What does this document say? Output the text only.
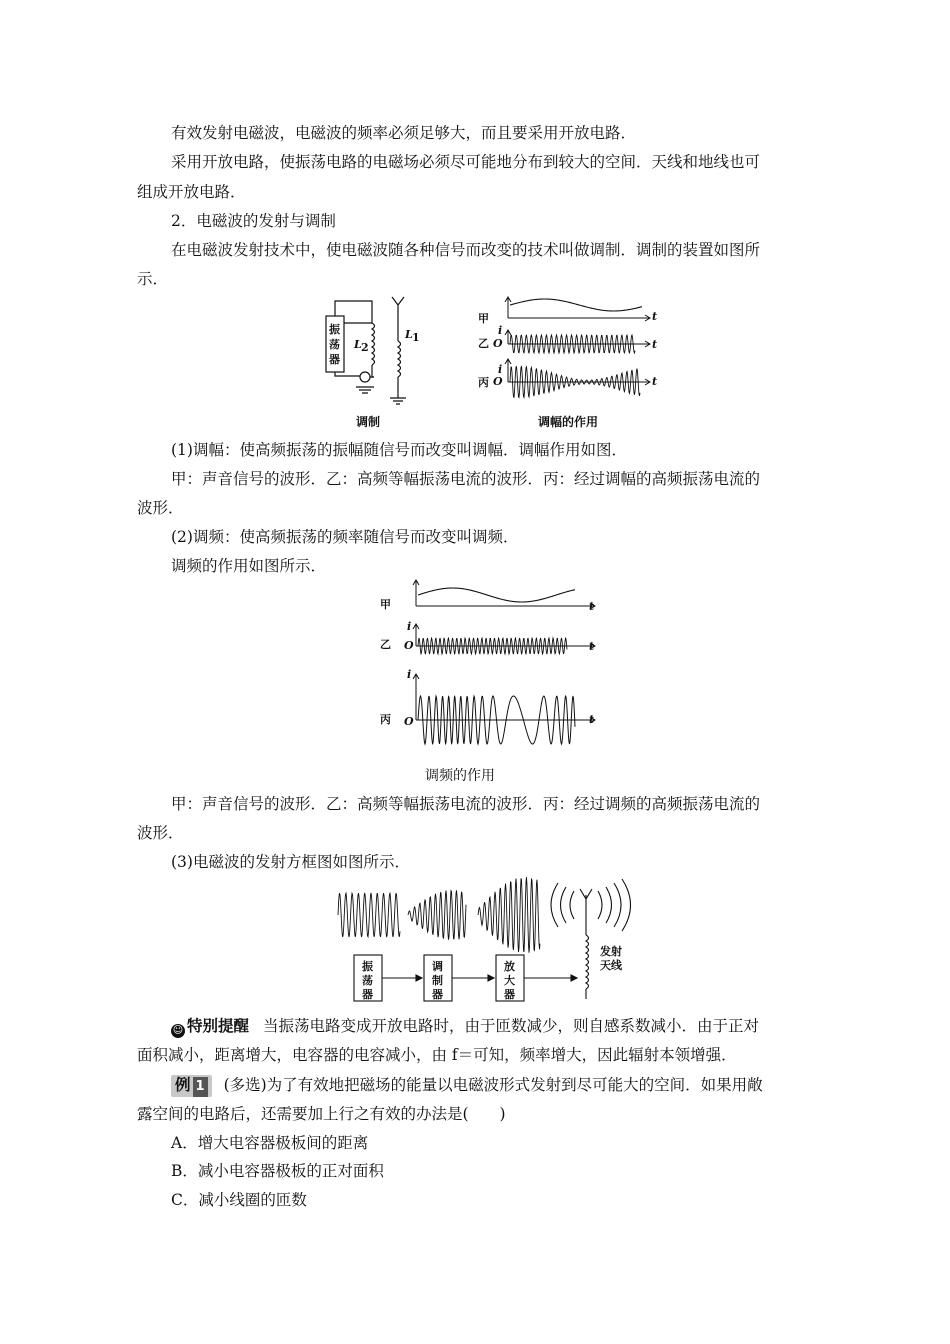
有效发射电磁波，电磁波的频率必须足够大，而且要采用开放电路．
采用开放电路，使振荡电路的电磁场必须尽可能地分布到较大的空间．天线和地线也可
组成开放电路．
2．电磁波的发射与调制
在电磁波发射技术中，使电磁波随各种信号而改变的技术叫做调制．调制的装置如图所
示．
振
荡
器
L 2
L 1
甲
乙
丙
i
O
i
O
t
t
t
调制	调幅的作用
(1)调幅：使高频振荡的振幅随信号而改变叫调幅．调幅作用如图．
甲：声音信号的波形．乙：高频等幅振荡电流的波形．丙：经过调幅的高频振荡电流的
波形．
(2)调频：使高频振荡的频率随信号而改变叫调频．
调频的作用如图所示．
甲
乙
丙
i
O
i
O
t
t
t
调频的作用
甲：声音信号的波形．乙：高频等幅振荡电流的波形．丙：经过调频的高频振荡电流的
波形．
(3)电磁波的发射方框图如图所示．
振
荡
器
调
制
器
放
大
器
发射
天线
☺ 特别提醒 当振荡电路变成开放电路时，由于匝数减少，则自感系数减小．由于正对
面积减小，距离增大，电容器的电容减小，由 f＝可知，频率增大，因此辐射本领增强．
例 1 (多选)为了有效地把磁场的能量以电磁波形式发射到尽可能大的空间．如果用敞
露空间的电路后，还需要加上行之有效的办法是(　　)
A．增大电容器极板间的距离
B．减小电容器极板的正对面积
C．减小线圈的匝数
